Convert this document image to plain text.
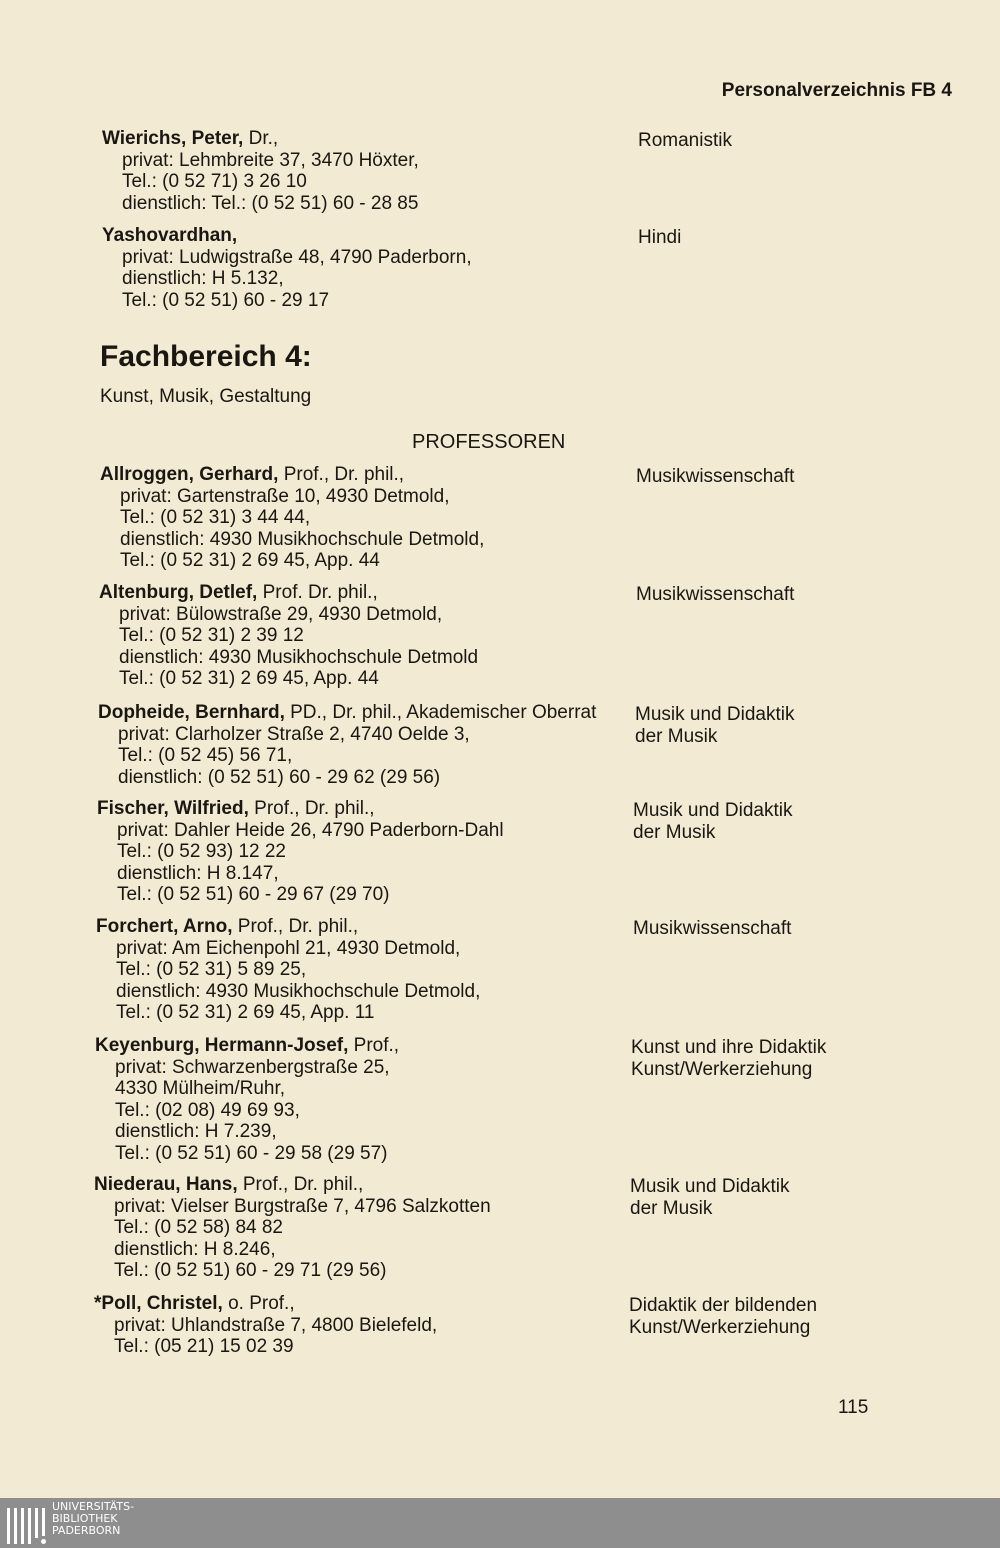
Personalverzeichnis FB 4
Wierichs, Peter, Dr.,
privat: Lehmbreite 37, 3470 Höxter,
Tel.: (0 52 71) 3 26 10
dienstlich: Tel.: (0 52 51) 60 - 28 85
Romanistik
Yashovardhan,
privat: Ludwigstraße 48, 4790 Paderborn,
dienstlich: H 5.132,
Tel.: (0 52 51) 60 - 29 17
Hindi
Fachbereich 4:
Kunst, Musik, Gestaltung
PROFESSOREN
Allroggen, Gerhard, Prof., Dr. phil.,
privat: Gartenstraße 10, 4930 Detmold,
Tel.: (0 52 31) 3 44 44,
dienstlich: 4930 Musikhochschule Detmold,
Tel.: (0 52 31) 2 69 45, App. 44
Musikwissenschaft
Altenburg, Detlef, Prof. Dr. phil.,
privat: Bülowstraße 29, 4930 Detmold,
Tel.: (0 52 31) 2 39 12
dienstlich: 4930 Musikhochschule Detmold
Tel.: (0 52 31) 2 69 45, App. 44
Musikwissenschaft
Dopheide, Bernhard, PD., Dr. phil., Akademischer Oberrat
privat: Clarholzer Straße 2, 4740 Oelde 3,
Tel.: (0 52 45) 56 71,
dienstlich: (0 52 51) 60 - 29 62 (29 56)
Musik und Didaktik
der Musik
Fischer, Wilfried, Prof., Dr. phil.,
privat: Dahler Heide 26, 4790 Paderborn-Dahl
Tel.: (0 52 93) 12 22
dienstlich: H 8.147,
Tel.: (0 52 51) 60 - 29 67 (29 70)
Musik und Didaktik
der Musik
Forchert, Arno, Prof., Dr. phil.,
privat: Am Eichenpohl 21, 4930 Detmold,
Tel.: (0 52 31) 5 89 25,
dienstlich: 4930 Musikhochschule Detmold,
Tel.: (0 52 31) 2 69 45, App. 11
Musikwissenschaft
Keyenburg, Hermann-Josef, Prof.,
privat: Schwarzenbergstraße 25,
4330 Mülheim/Ruhr,
Tel.: (02 08) 49 69 93,
dienstlich: H 7.239,
Tel.: (0 52 51) 60 - 29 58 (29 57)
Kunst und ihre Didaktik
Kunst/Werkerziehung
Niederau, Hans, Prof., Dr. phil.,
privat: Vielser Burgstraße 7, 4796 Salzkotten
Tel.: (0 52 58) 84 82
dienstlich: H 8.246,
Tel.: (0 52 51) 60 - 29 71 (29 56)
Musik und Didaktik
der Musik
*Poll, Christel, o. Prof.,
privat: Uhlandstraße 7, 4800 Bielefeld,
Tel.: (05 21) 15 02 39
Didaktik der bildenden
Kunst/Werkerziehung
115
UNIVERSITÄTS-
BIBLIOTHEK
PADERBORN
